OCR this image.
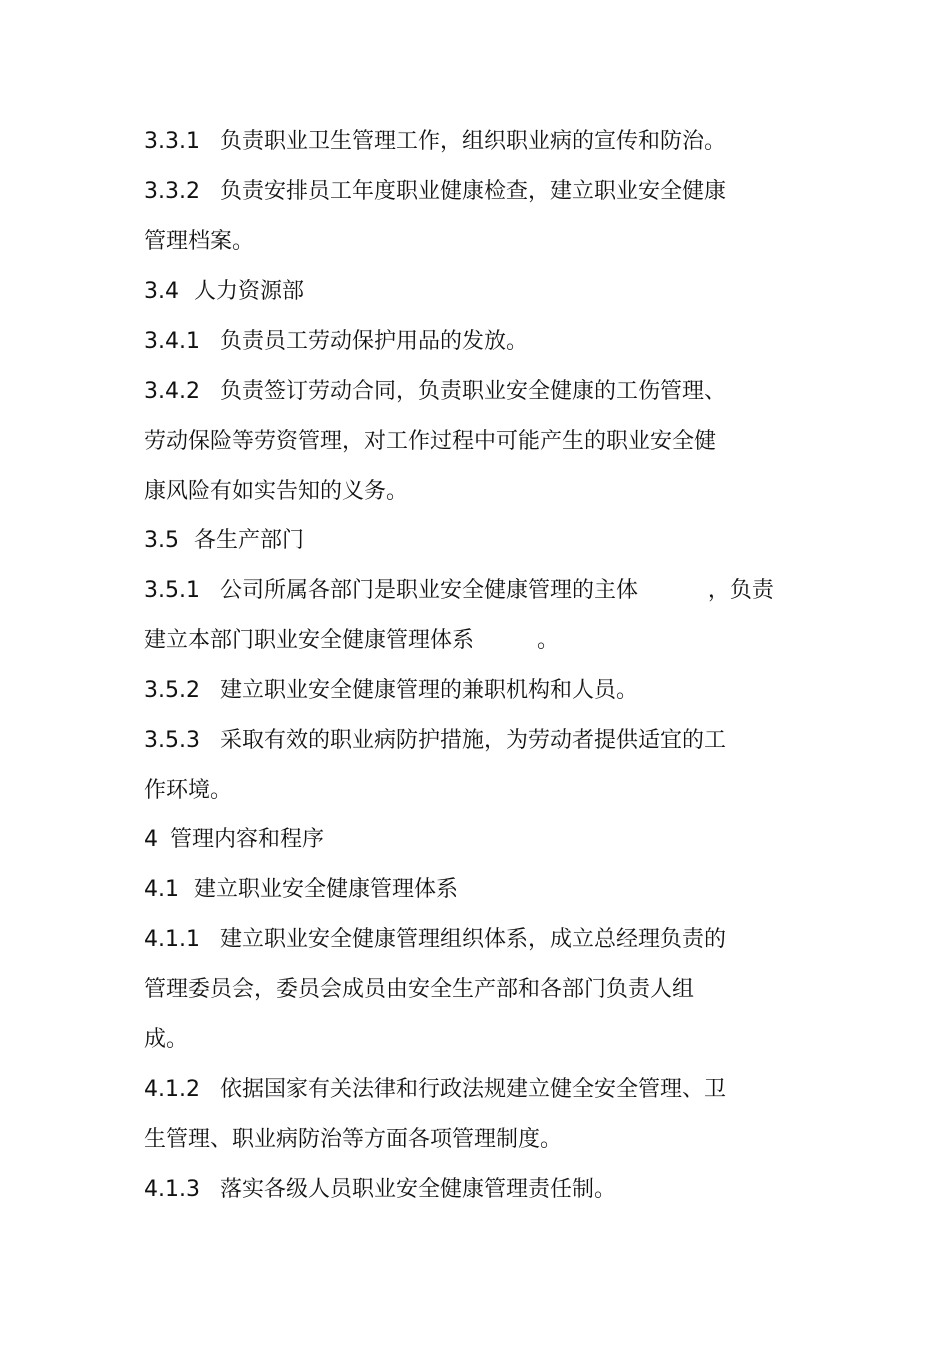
3.3.1 负责职业卫生管理工作，组织职业病的宣传和防治。
3.3.2 负责安排员工年度职业健康检查，建立职业安全健康
管理档案。
3.4 人力资源部
3.4.1 负责员工劳动保护用品的发放。
3.4.2 负责签订劳动合同，负责职业安全健康的工伤管理、
劳动保险等劳资管理，对工作过程中可能产生的职业安全健
康风险有如实告知的义务。
3.5 各生产部门
3.5.1 公司所属各部门是职业安全健康管理的主体          ，负责
建立本部门职业安全健康管理体系         。
3.5.2 建立职业安全健康管理的兼职机构和人员。
3.5.3 采取有效的职业病防护措施，为劳动者提供适宜的工
作环境。
4 管理内容和程序
4.1 建立职业安全健康管理体系
4.1.1 建立职业安全健康管理组织体系，成立总经理负责的
管理委员会，委员会成员由安全生产部和各部门负责人组
成。
4.1.2 依据国家有关法律和行政法规建立健全安全管理、卫
生管理、职业病防治等方面各项管理制度。
4.1.3 落实各级人员职业安全健康管理责任制。
